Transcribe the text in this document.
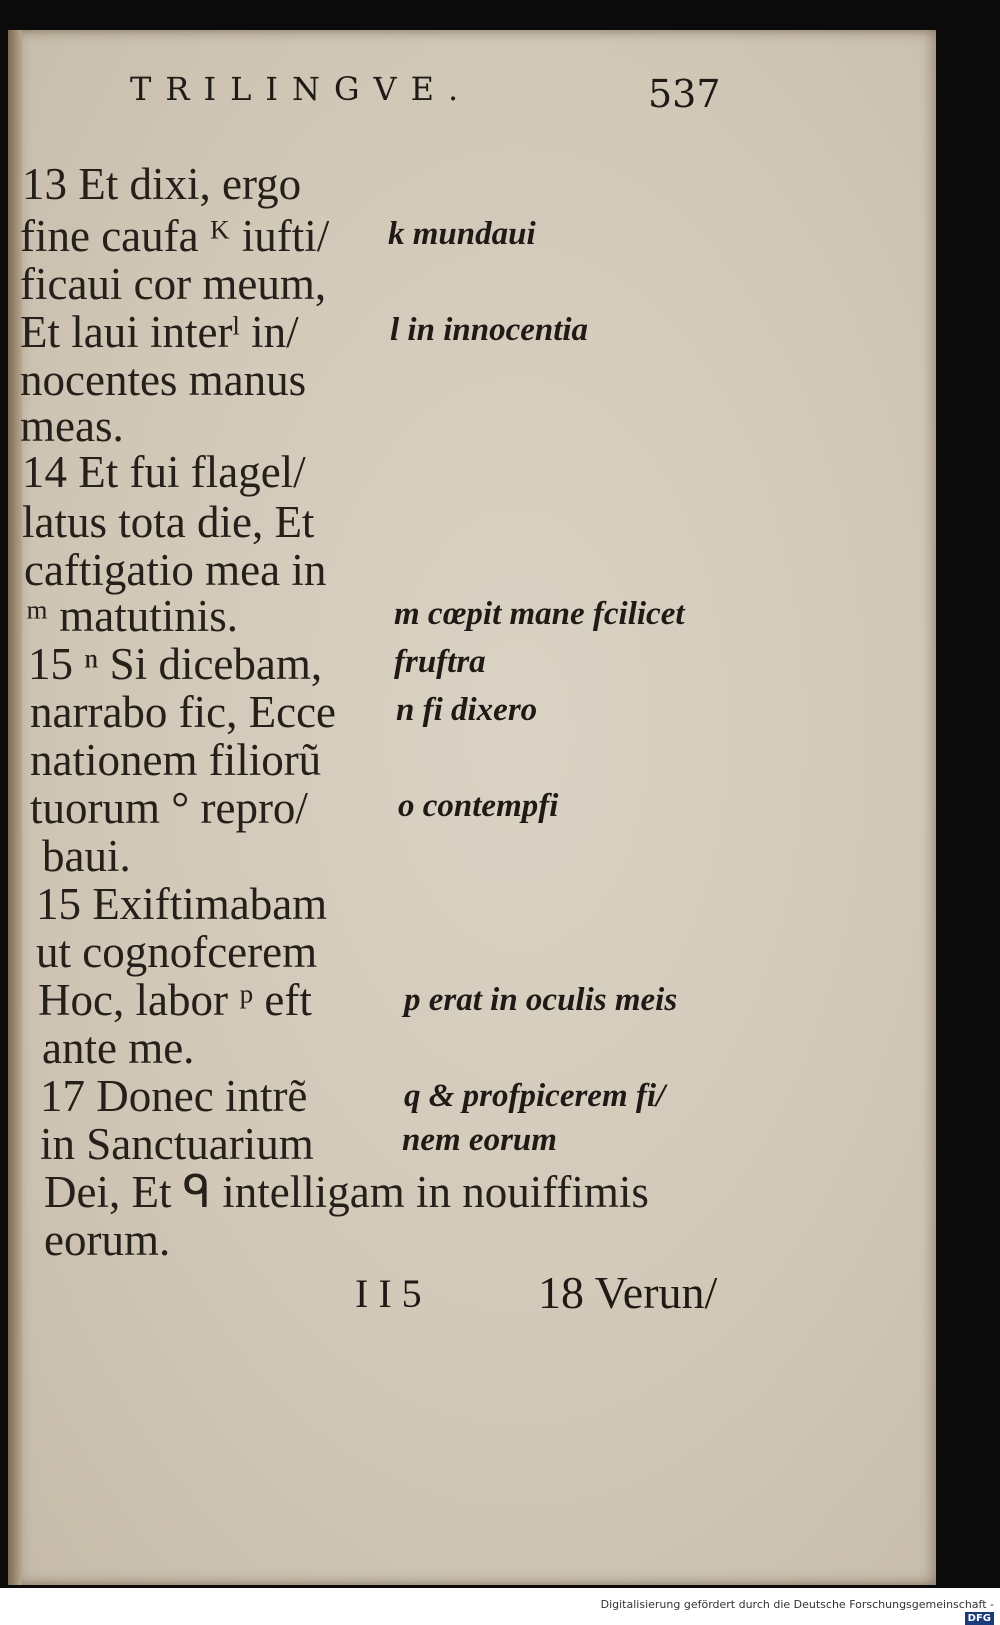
TRILINGVE.	537
13 Et dixi, ergo
fine caufa ᴷ iufti/
ficaui cor meum,
Et laui interˡ in/
nocentes manus
meas.
14 Et fui flagel/
latus tota die, Et
caftigatio mea in
ᵐ matutinis.
15 ⁿ Si dicebam,
narrabo fic, Ecce
nationem filiorũ
tuorum ° repro/
baui.
15 Exiftimabam
ut cognofcerem
Hoc, labor ᵖ eft
ante me.
17 Donec intrẽ
in Sanctuarium
Dei, Et ᑫ intelligam in nouiffimis
eorum.
k mundaui
l in innocentia
m cœpit mane fcilicet
fruftra
n fi dixero
o contempfi
p erat in oculis meis
q & profpicerem fi/
nem eorum
I I 5	18 Verun/
Digitalisierung gefördert durch die Deutsche Forschungsgemeinschaft -DFG
